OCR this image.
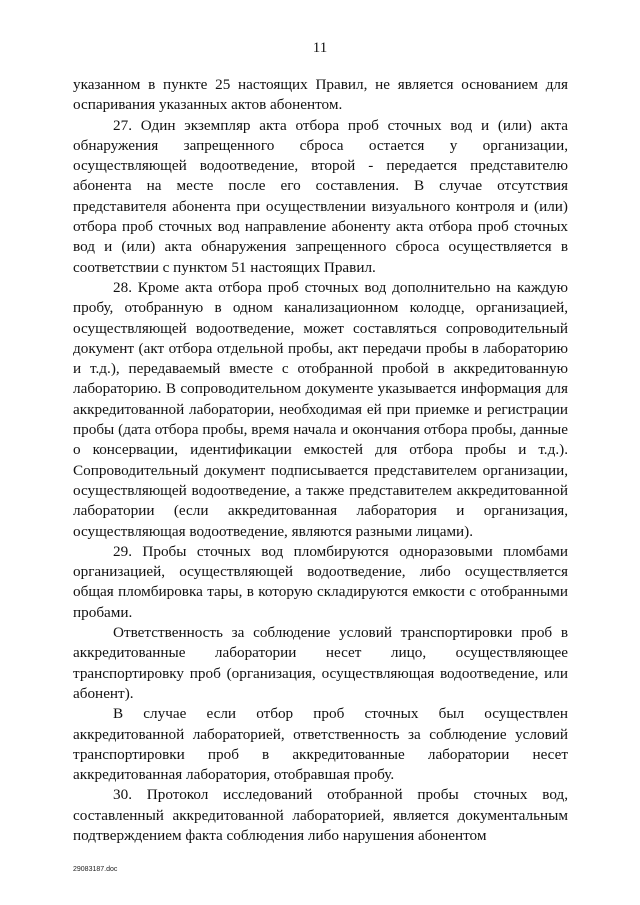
11

указанном в пункте 25 настоящих Правил, не является основанием для оспаривания указанных актов абонентом.

27. Один экземпляр акта отбора проб сточных вод и (или) акта обнаружения запрещенного сброса остается у организации, осуществляющей водоотведение, второй - передается представителю абонента на месте после его составления. В случае отсутствия представителя абонента при осуществлении визуального контроля и (или) отбора проб сточных вод направление абоненту акта отбора проб сточных вод и (или) акта обнаружения запрещенного сброса осуществляется в соответствии с пунктом 51 настоящих Правил.

28. Кроме акта отбора проб сточных вод дополнительно на каждую пробу, отобранную в одном канализационном колодце, организацией, осуществляющей водоотведение, может составляться сопроводительный документ (акт отбора отдельной пробы, акт передачи пробы в лабораторию и т.д.), передаваемый вместе с отобранной пробой в аккредитованную лабораторию. В сопроводительном документе указывается информация для аккредитованной лаборатории, необходимая ей при приемке и регистрации пробы (дата отбора пробы, время начала и окончания отбора пробы, данные о консервации, идентификации емкостей для отбора пробы и т.д.). Сопроводительный документ подписывается представителем организации, осуществляющей водоотведение, а также представителем аккредитованной лаборатории (если аккредитованная лаборатория и организация, осуществляющая водоотведение, являются разными лицами).

29. Пробы сточных вод пломбируются одноразовыми пломбами организацией, осуществляющей водоотведение, либо осуществляется общая пломбировка тары, в которую складируются емкости с отобранными пробами.

Ответственность за соблюдение условий транспортировки проб в аккредитованные лаборатории несет лицо, осуществляющее транспортировку проб (организация, осуществляющая водоотведение, или абонент).

В случае если отбор проб сточных был осуществлен аккредитованной лабораторией, ответственность за соблюдение условий транспортировки проб в аккредитованные лаборатории несет аккредитованная лаборатория, отобравшая пробу.

30. Протокол исследований отобранной пробы сточных вод, составленный аккредитованной лабораторией, является документальным подтверждением факта соблюдения либо нарушения абонентом

29083187.doc
